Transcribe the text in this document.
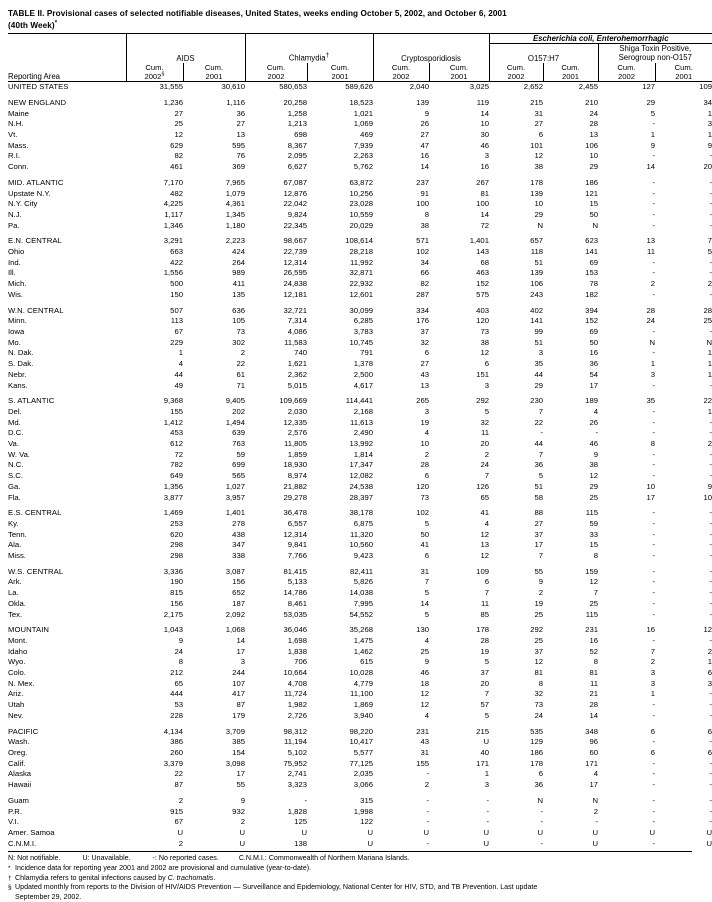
TABLE II. Provisional cases of selected notifiable diseases, United States, weeks ending October 5, 2002, and October 6, 2001
(40th Week)*
							Escherichia coli, Enterohemorrhagic			
	AIDS		Chlamydia†		Cryptosporidiosis		O157:H7		Shiga Toxin Positive,
Serogroup non-O157	
Reporting Area	Cum.
2002§	Cum.
2001	Cum.
2002	Cum.
2001	Cum.
2002	Cum.
2001	Cum.
2002	Cum.
2001	Cum.
2002	Cum.
2001
UNITED STATES	31,555	30,610	580,653	589,626	2,040	3,025	2,652	2,455	127	109

NEW ENGLAND	1,236	1,116	20,258	18,523	139	119	215	210	29	34
Maine	27	36	1,258	1,021	9	14	31	24	5	1
N.H.	25	27	1,213	1,069	26	10	27	28	-	3
Vt.	12	13	698	469	27	30	6	13	1	1
Mass.	629	595	8,367	7,939	47	46	101	106	9	9
R.I.	82	76	2,095	2,263	16	3	12	10	-	-
Conn.	461	369	6,627	5,762	14	16	38	29	14	20

MID. ATLANTIC	7,170	7,965	67,087	63,872	237	267	178	186	-	-
Upstate N.Y.	482	1,079	12,876	10,256	91	81	139	121	-	-
N.Y. City	4,225	4,361	22,042	23,028	100	100	10	15	-	-
N.J.	1,117	1,345	9,824	10,559	8	14	29	50	-	-
Pa.	1,346	1,180	22,345	20,029	38	72	N	N	-	-

E.N. CENTRAL	3,291	2,223	98,667	108,614	571	1,401	657	623	13	7
Ohio	663	424	22,739	28,218	102	143	118	141	11	5
Ind.	422	264	12,314	11,992	34	68	51	69	-	-
Ill.	1,556	989	26,595	32,871	66	463	139	153	-	-
Mich.	500	411	24,838	22,932	82	152	106	78	2	2
Wis.	150	135	12,181	12,601	287	575	243	182	-	-

W.N. CENTRAL	507	636	32,721	30,099	334	403	402	394	28	28
Minn.	113	105	7,314	6,285	176	120	141	152	24	25
Iowa	67	73	4,086	3,783	37	73	99	69	-	-
Mo.	229	302	11,583	10,745	32	38	51	50	N	N
N. Dak.	1	2	740	791	6	12	3	16	-	1
S. Dak.	4	22	1,621	1,378	27	6	35	36	1	1
Nebr.	44	61	2,362	2,500	43	151	44	54	3	1
Kans.	49	71	5,015	4,617	13	3	29	17	-	-

S. ATLANTIC	9,368	9,405	109,669	114,441	265	292	230	189	35	22
Del.	155	202	2,030	2,168	3	5	7	4	-	1
Md.	1,412	1,494	12,335	11,613	19	32	22	26	-	-
D.C.	453	639	2,576	2,490	4	11	-	-	-	-
Va.	612	763	11,805	13,992	10	20	44	46	8	2
W. Va.	72	59	1,859	1,814	2	2	7	9	-	-
N.C.	782	699	18,930	17,347	28	24	36	38	-	-
S.C.	649	565	8,974	12,082	6	7	5	12	-	-
Ga.	1,356	1,027	21,882	24,538	120	126	51	29	10	9
Fla.	3,877	3,957	29,278	28,397	73	65	58	25	17	10

E.S. CENTRAL	1,469	1,401	36,478	38,178	102	41	88	115	-	-
Ky.	253	278	6,557	6,875	5	4	27	59	-	-
Tenn.	620	438	12,314	11,320	50	12	37	33	-	-
Ala.	298	347	9,841	10,560	41	13	17	15	-	-
Miss.	298	338	7,766	9,423	6	12	7	8	-	-

W.S. CENTRAL	3,336	3,087	81,415	82,411	31	109	55	159	-	-
Ark.	190	156	5,133	5,826	7	6	9	12	-	-
La.	815	652	14,786	14,038	5	7	2	7	-	-
Okla.	156	187	8,461	7,995	14	11	19	25	-	-
Tex.	2,175	2,092	53,035	54,552	5	85	25	115	-	-

MOUNTAIN	1,043	1,068	36,046	35,268	130	178	292	231	16	12
Mont.	9	14	1,698	1,475	4	28	25	16	-	-
Idaho	24	17	1,838	1,462	25	19	37	52	7	2
Wyo.	8	3	706	615	9	5	12	8	2	1
Colo.	212	244	10,664	10,028	46	37	81	81	3	6
N. Mex.	65	107	4,708	4,779	18	20	8	11	3	3
Ariz.	444	417	11,724	11,100	12	7	32	21	1	-
Utah	53	87	1,982	1,869	12	57	73	28	-	-
Nev.	228	179	2,726	3,940	4	5	24	14	-	-

PACIFIC	4,134	3,709	98,312	98,220	231	215	535	348	6	6
Wash.	386	385	11,194	10,417	43	U	129	96	-	-
Oreg.	260	154	5,102	5,577	31	40	186	60	6	6
Calif.	3,379	3,098	75,952	77,125	155	171	178	171	-	-
Alaska	22	17	2,741	2,035	-	1	6	4	-	-
Hawaii	87	55	3,323	3,066	2	3	36	17	-	-

Guam	2	9	-	315	-	-	N	N	-	-
P.R.	915	932	1,828	1,998	-	-	-	2	-	-
V.I.	67	2	125	122	-	-	-	-	-	-
Amer. Samoa	U	U	U	U	U	U	U	U	U	U
C.N.M.I.	2	U	138	U	-	U	-	U	-	U
N: Not notifiable.	U: Unavailable.	-: No reported cases.	C.N.M.I.: Commonwealth of Northern Mariana Islands.
* Incidence data for reporting year 2001 and 2002 are provisional and cumulative (year-to-date).
† Chlamydia refers to genital infections caused by C. trachomatis.
§ Updated monthly from reports to the Division of HIV/AIDS Prevention — Surveillance and Epidemiology, National Center for HIV, STD, and TB Prevention. Last update
September 29, 2002.
